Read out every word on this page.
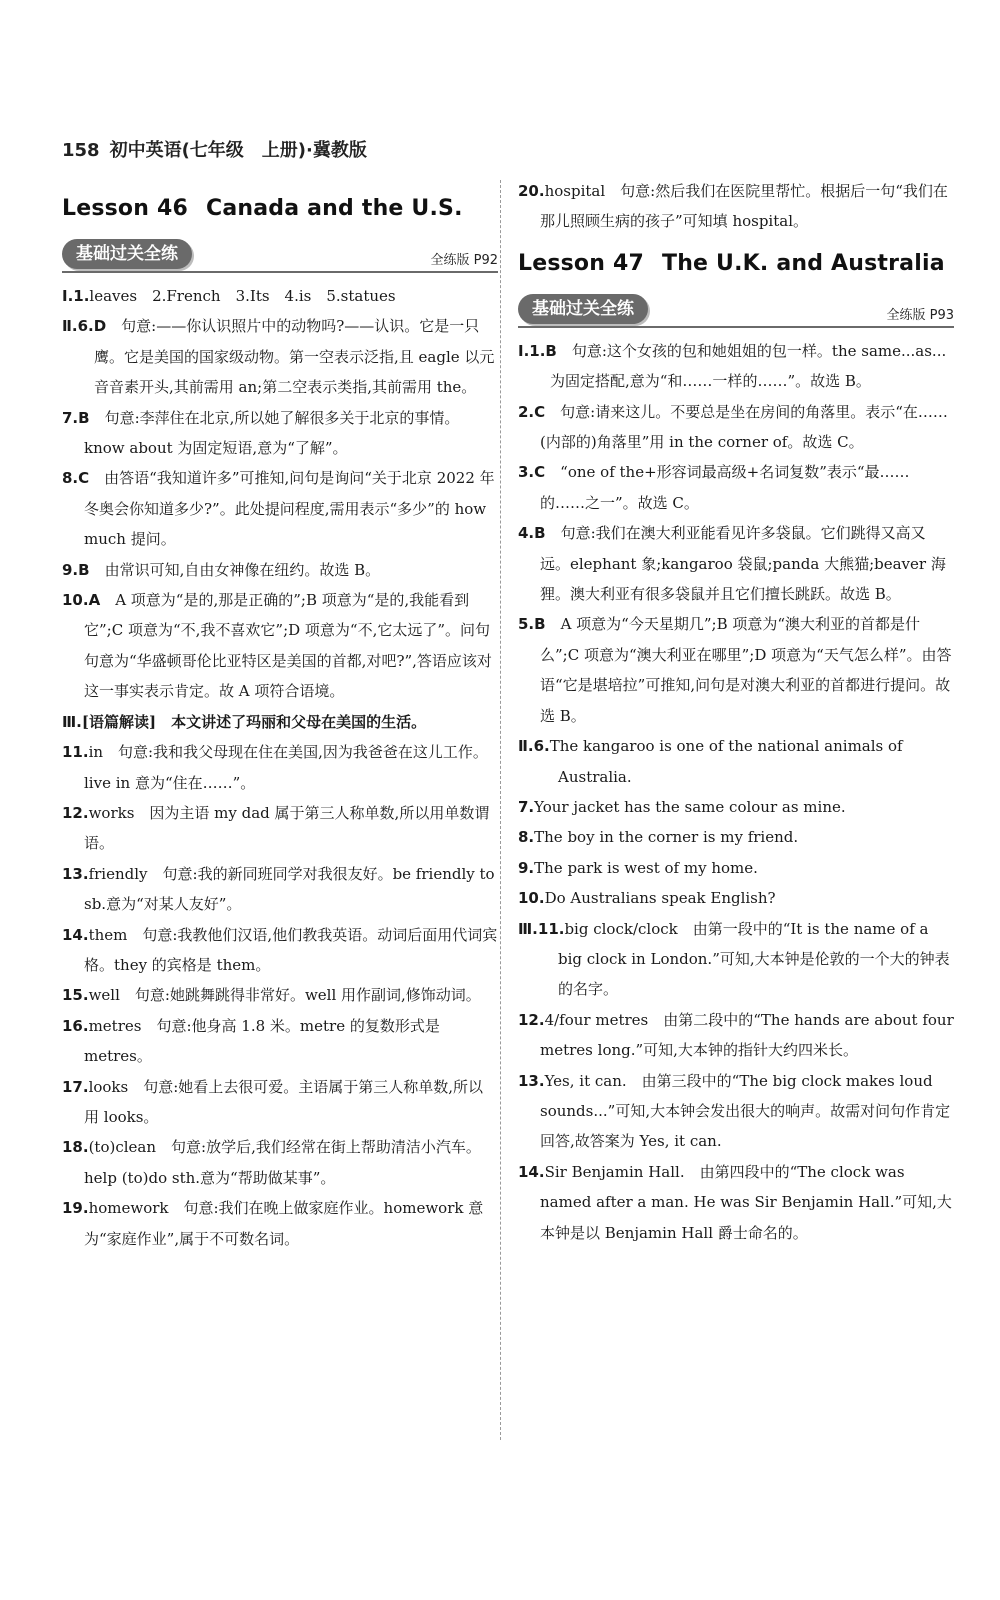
158 初中英语(七年级　上册)·冀教版
Lesson 46 Canada and the U.S.
基础过关全练	全练版 P92

Ⅰ.1.leaves　2.French　3.Its　4.is　5.statues

Ⅱ.6.D　句意:——你认识照片中的动物吗?——认识。它是一只鹰。它是美国的国家级动物。第一空表示泛指,且 eagle 以元音音素开头,其前需用 an;第二空表示类指,其前需用 the。

7.B　句意:李萍住在北京,所以她了解很多关于北京的事情。know about 为固定短语,意为“了解”。

8.C　由答语“我知道许多”可推知,问句是询问“关于北京 2022 年冬奥会你知道多少?”。此处提问程度,需用表示“多少”的 how much 提问。

9.B　由常识可知,自由女神像在纽约。故选 B。

10.A　A 项意为“是的,那是正确的”;B 项意为“是的,我能看到它”;C 项意为“不,我不喜欢它”;D 项意为“不,它太远了”。问句句意为“华盛顿哥伦比亚特区是美国的首都,对吧?”,答语应该对这一事实表示肯定。故 A 项符合语境。

Ⅲ.[语篇解读]　本文讲述了玛丽和父母在美国的生活。

11.in　句意:我和我父母现在住在美国,因为我爸爸在这儿工作。live in 意为“住在……”。

12.works　因为主语 my dad 属于第三人称单数,所以用单数谓语。

13.friendly　句意:我的新同班同学对我很友好。be friendly to sb.意为“对某人友好”。

14.them　句意:我教他们汉语,他们教我英语。动词后面用代词宾格。they 的宾格是 them。

15.well　句意:她跳舞跳得非常好。well 用作副词,修饰动词。

16.metres　句意:他身高 1.8 米。metre 的复数形式是 metres。

17.looks　句意:她看上去很可爱。主语属于第三人称单数,所以用 looks。

18.(to)clean　句意:放学后,我们经常在街上帮助清洁小汽车。help (to)do sth.意为“帮助做某事”。

19.homework　句意:我们在晚上做家庭作业。homework 意为“家庭作业”,属于不可数名词。

20.hospital　句意:然后我们在医院里帮忙。根据后一句“我们在那儿照顾生病的孩子”可知填 hospital。

Lesson 47 The U.K. and Australia
基础过关全练	全练版 P93

Ⅰ.1.B　句意:这个女孩的包和她姐姐的包一样。the same...as...为固定搭配,意为“和……一样的……”。故选 B。

2.C　句意:请来这儿。不要总是坐在房间的角落里。表示“在……(内部的)角落里”用 in the corner of。故选 C。

3.C　“one of the+形容词最高级+名词复数”表示“最……的……之一”。故选 C。

4.B　句意:我们在澳大利亚能看见许多袋鼠。它们跳得又高又远。elephant 象;kangaroo 袋鼠;panda 大熊猫;beaver 海狸。澳大利亚有很多袋鼠并且它们擅长跳跃。故选 B。

5.B　A 项意为“今天星期几”;B 项意为“澳大利亚的首都是什么”;C 项意为“澳大利亚在哪里”;D 项意为“天气怎么样”。由答语“它是堪培拉”可推知,问句是对澳大利亚的首都进行提问。故选 B。

Ⅱ.6.The kangaroo is one of the national animals of Australia.

7.Your jacket has the same colour as mine.

8.The boy in the corner is my friend.

9.The park is west of my home.

10.Do Australians speak English?

Ⅲ.11.big clock/clock　由第一段中的“It is the name of a big clock in London.”可知,大本钟是伦敦的一个大的钟表的名字。

12.4/four metres　由第二段中的“The hands are about four metres long.”可知,大本钟的指针大约四米长。

13.Yes, it can.　由第三段中的“The big clock makes loud sounds...”可知,大本钟会发出很大的响声。故需对问句作肯定回答,故答案为 Yes, it can.

14.Sir Benjamin Hall.　由第四段中的“The clock was named after a man. He was Sir Benjamin Hall.”可知,大本钟是以 Benjamin Hall 爵士命名的。
